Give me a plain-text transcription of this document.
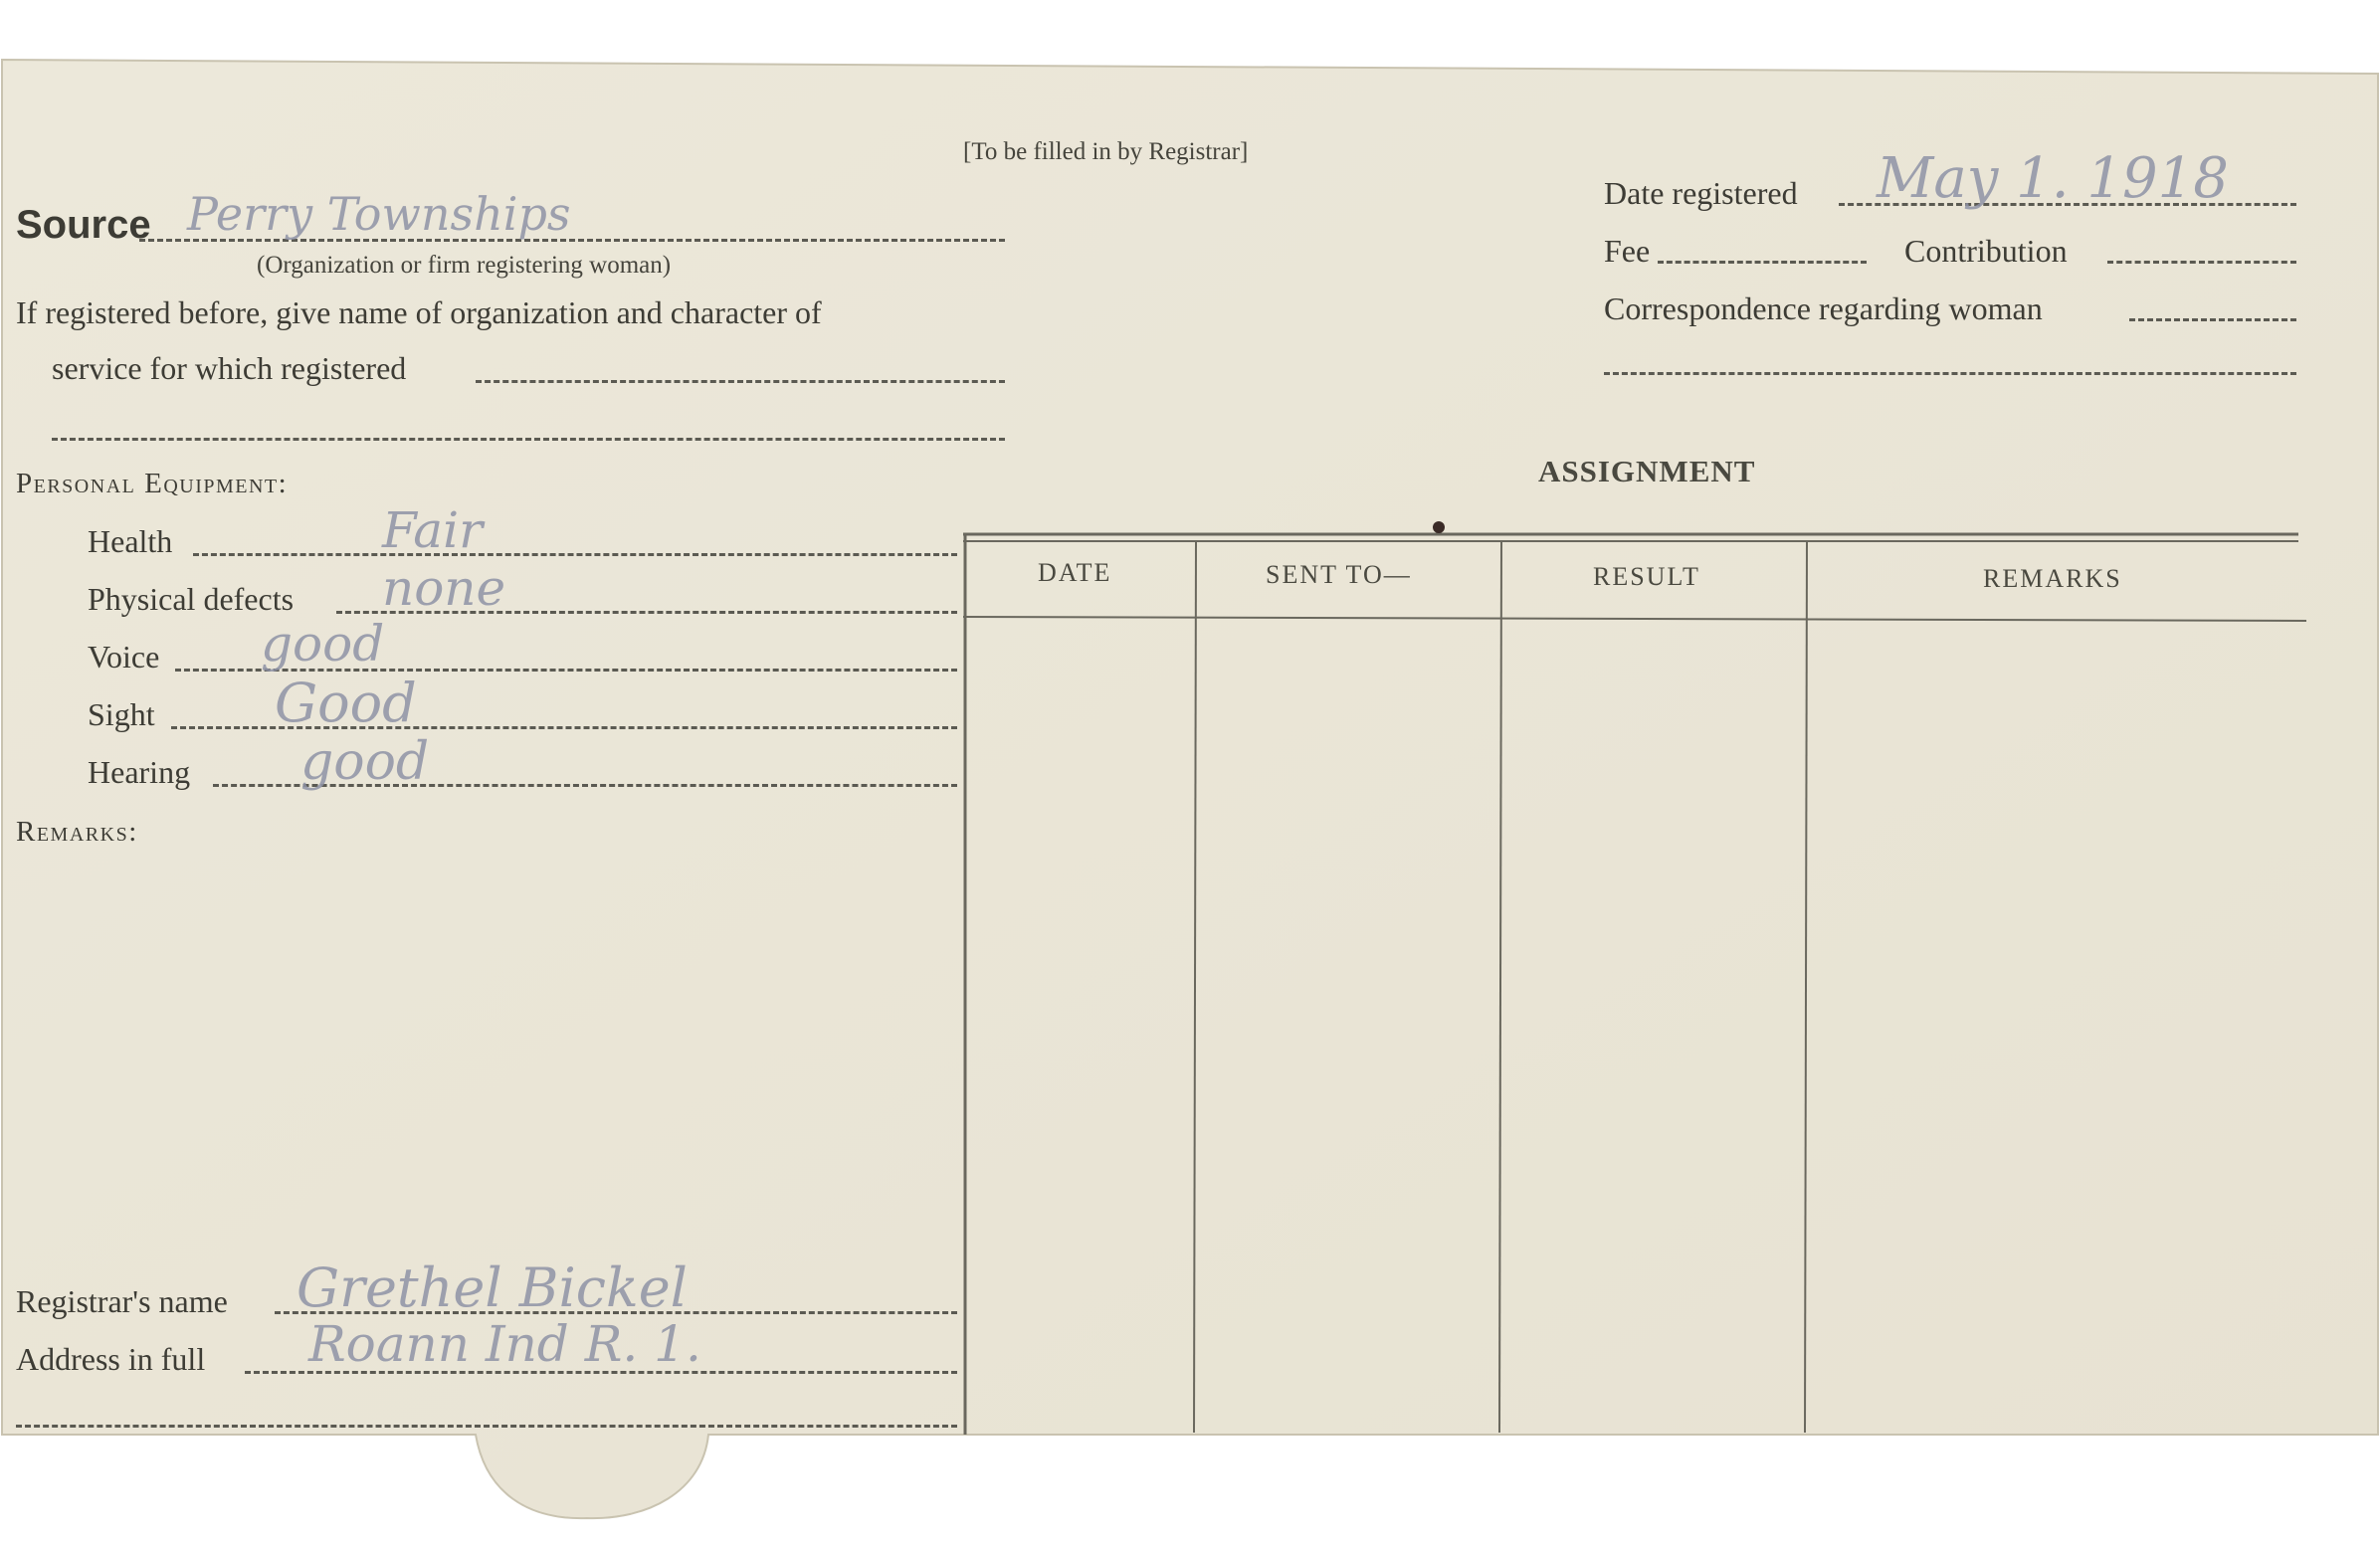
[To be filled in by Registrar]
Source Perry Townships
(Organization or firm registering woman)
If registered before, give name of organization and character of
service for which registered
Date registered May 1. 1918
Fee	Contribution
Correspondence regarding woman
Personal Equipment:
Health	Fair
Physical defects none
Voice good
Sight Good
Hearing good
Remarks:
ASSIGNMENT
DATE	SENT TO—	RESULT	REMARKS
Registrar's name Grethel Bickel
Address in full Roann Ind R. 1.
